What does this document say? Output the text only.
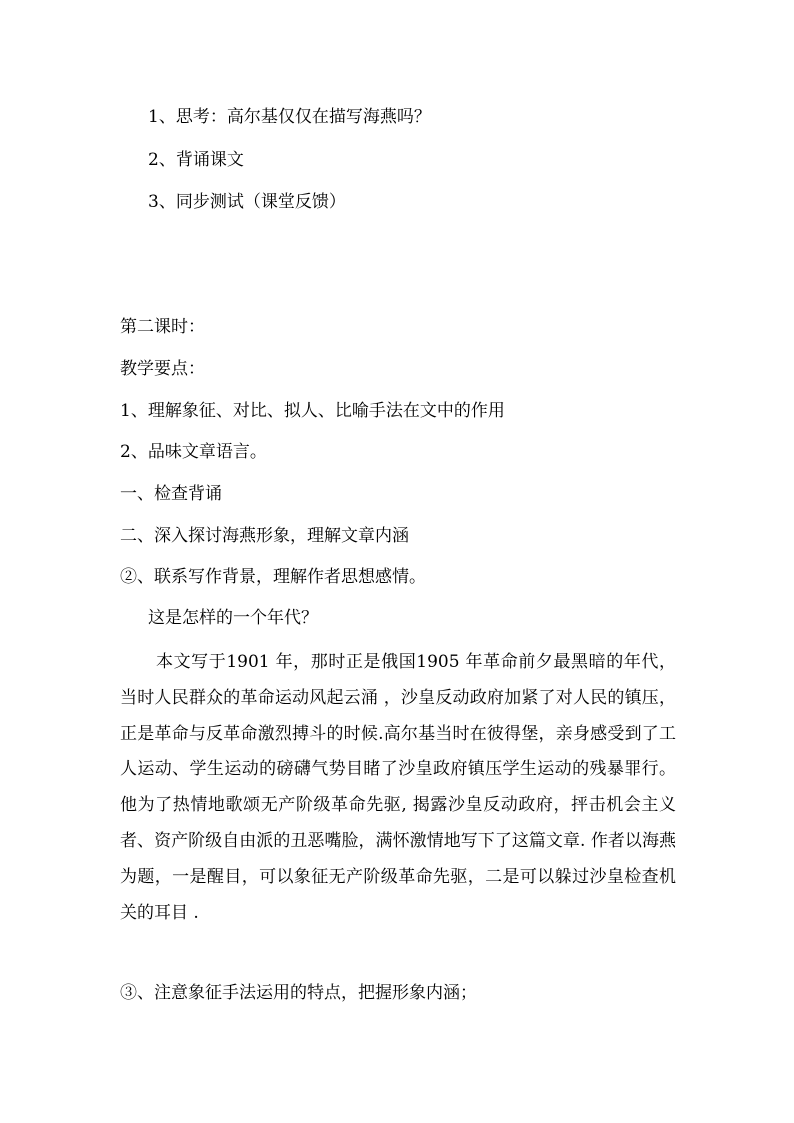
1、思考：高尔基仅仅在描写海燕吗？
2、背诵课文
3、同步测试（课堂反馈）
第二课时：
教学要点：
1、理解象征、对比、拟人、比喻手法在文中的作用
2、品味文章语言。
一、检查背诵
二、深入探讨海燕形象，理解文章内涵
②、联系写作背景，理解作者思想感情。
这是怎样的一个年代？
本文写于1901 年，那时正是俄国1905 年革命前夕最黑暗的年代，当时人民群众的革命运动风起云涌 ，沙皇反动政府加紧了对人民的镇压，正是革命与反革命激烈搏斗的时候.高尔基当时在彼得堡，亲身感受到了工人运动、学生运动的磅礴气势目睹了沙皇政府镇压学生运动的残暴罪行。他为了热情地歌颂无产阶级革命先驱, 揭露沙皇反动政府，抨击机会主义者、资产阶级自由派的丑恶嘴脸，满怀激情地写下了这篇文章. 作者以海燕为题，一是醒目，可以象征无产阶级革命先驱，二是可以躲过沙皇检查机关的耳目 .
③、注意象征手法运用的特点，把握形象内涵；
